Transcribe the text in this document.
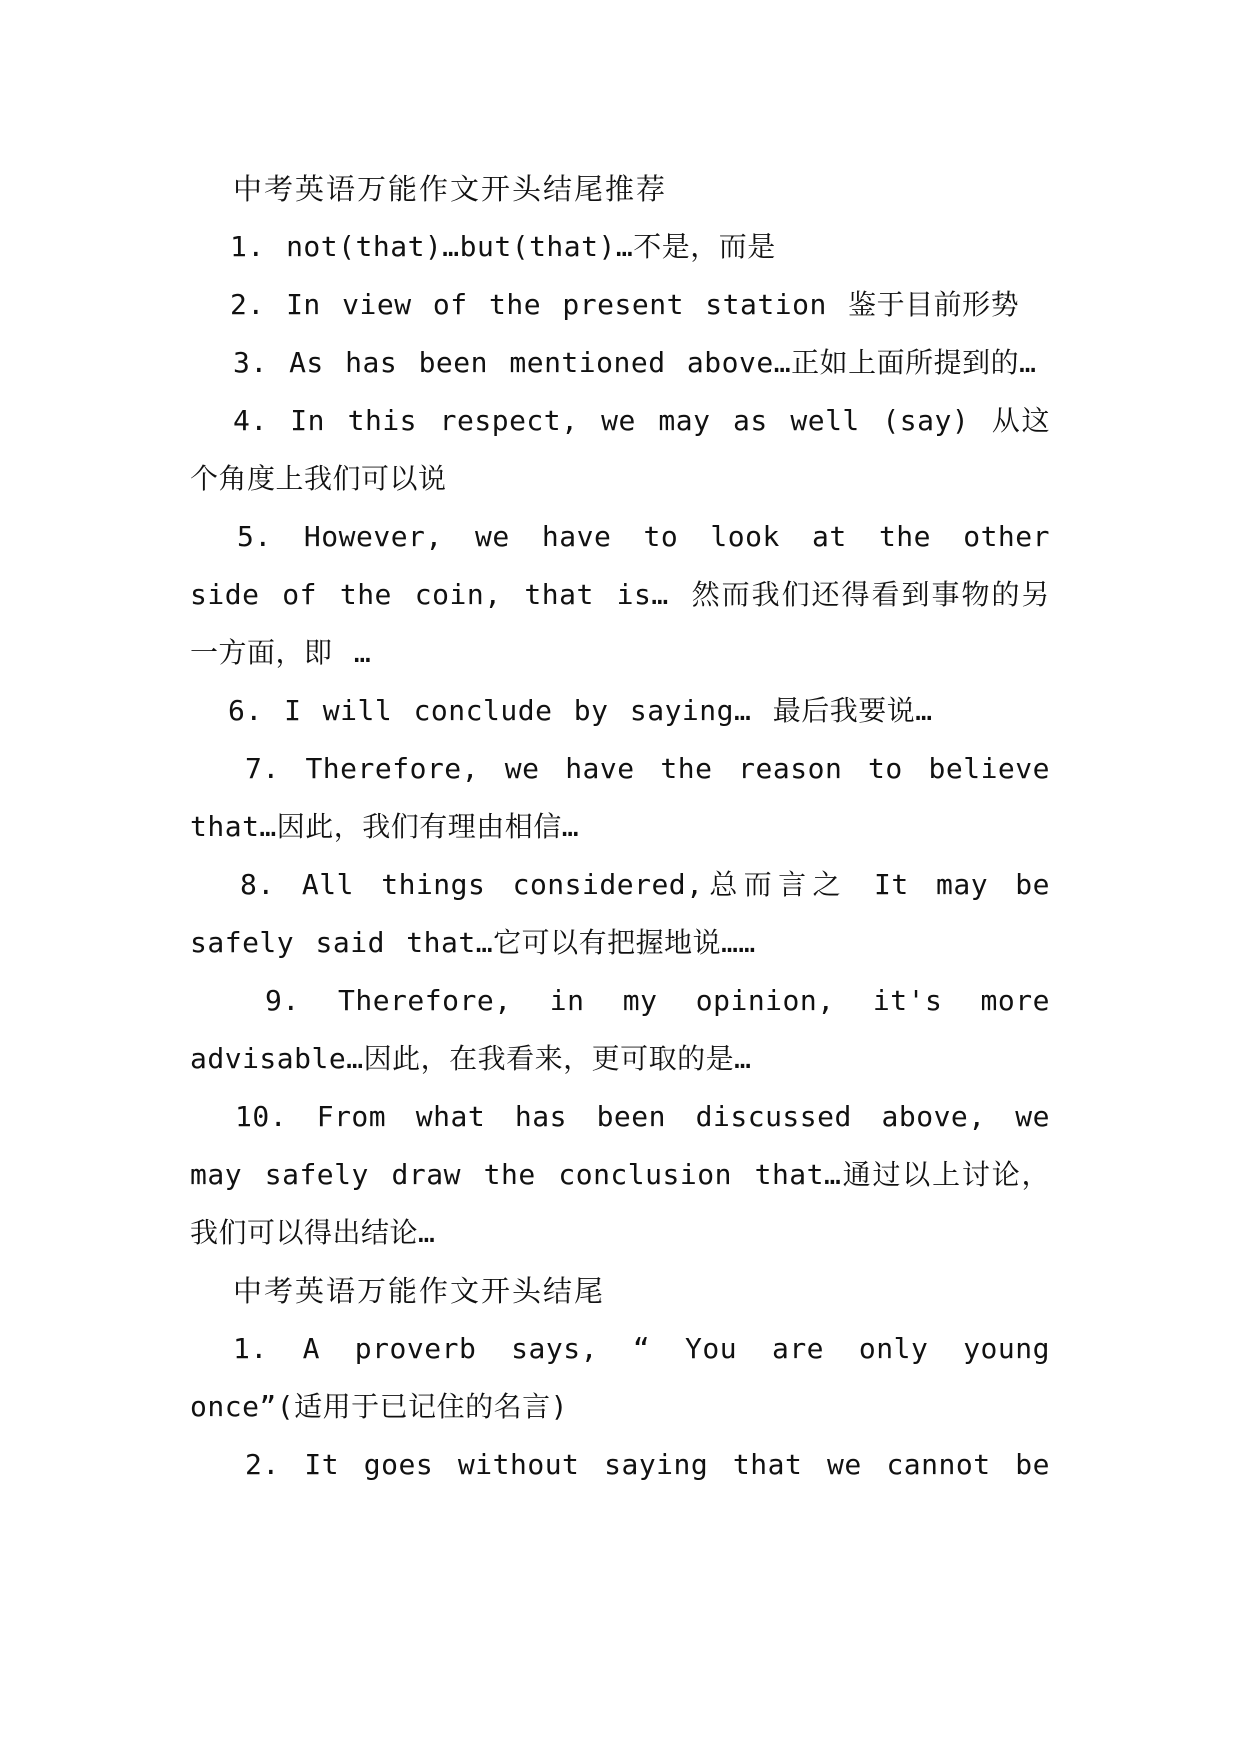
中考英语万能作文开头结尾推荐

1. not(that)…but(that)…不是，而是

2. In view of the present station 鉴于目前形势

3. As has been mentioned above…正如上面所提到的…

4. In this respect, we may as well (say) 从这个角度上我们可以说

5. However, we have to look at the other side of the coin, that is… 然而我们还得看到事物的另一方面，即 …

6. I will conclude by saying… 最后我要说…

7. Therefore, we have the reason to believe that…因此，我们有理由相信…

8. All things considered,总而言之 It may be safely said that…它可以有把握地说……

9. Therefore, in my opinion, it's more advisable…因此，在我看来，更可取的是…

10. From what has been discussed above, we may safely draw the conclusion that…通过以上讨论，我们可以得出结论…

中考英语万能作文开头结尾

1. A proverb says, “ You are only young once”(适用于已记住的名言)

2. It goes without saying that we cannot be
